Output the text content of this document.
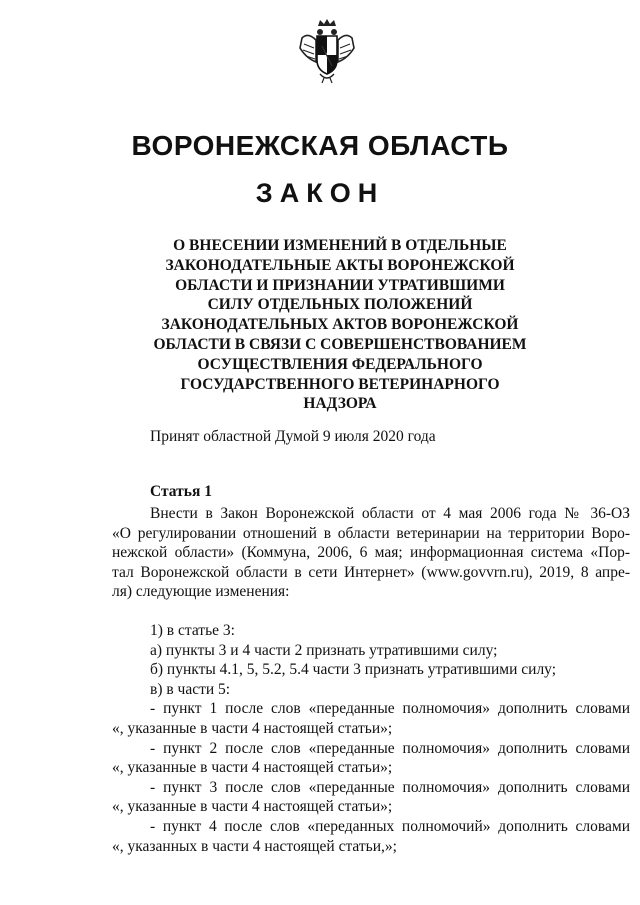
ВОРОНЕЖСКАЯ ОБЛАСТЬ
ЗАКОН
О ВНЕСЕНИИ ИЗМЕНЕНИЙ В ОТДЕЛЬНЫЕ
ЗАКОНОДАТЕЛЬНЫЕ АКТЫ ВОРОНЕЖСКОЙ
ОБЛАСТИ И ПРИЗНАНИИ УТРАТИВШИМИ
СИЛУ ОТДЕЛЬНЫХ ПОЛОЖЕНИЙ
ЗАКОНОДАТЕЛЬНЫХ АКТОВ ВОРОНЕЖСКОЙ
ОБЛАСТИ В СВЯЗИ С СОВЕРШЕНСТВОВАНИЕМ
ОСУЩЕСТВЛЕНИЯ ФЕДЕРАЛЬНОГО
ГОСУДАРСТВЕННОГО ВЕТЕРИНАРНОГО
НАДЗОРА
Принят областной Думой 9 июля 2020 года
Статья 1
Внести в Закон Воронежской области от 4 мая 2006 года № 36-ОЗ
«О регулировании отношений в области ветеринарии на территории Воро-
нежской области» (Коммуна, 2006, 6 мая; информационная система «Пор-
тал Воронежской области в сети Интернет» (www.govvrn.ru), 2019, 8 апре-
ля) следующие изменения:
1) в статье 3:
а) пункты 3 и 4 части 2 признать утратившими силу;
б) пункты 4.1, 5, 5.2, 5.4 части 3 признать утратившими силу;
в) в части 5:
- пункт 1 после слов «переданные полномочия» дополнить словами
«, указанные в части 4 настоящей статьи»;
- пункт 2 после слов «переданные полномочия» дополнить словами
«, указанные в части 4 настоящей статьи»;
- пункт 3 после слов «переданные полномочия» дополнить словами
«, указанные в части 4 настоящей статьи»;
- пункт 4 после слов «переданных полномочий» дополнить словами
«, указанных в части 4 настоящей статьи,»;
